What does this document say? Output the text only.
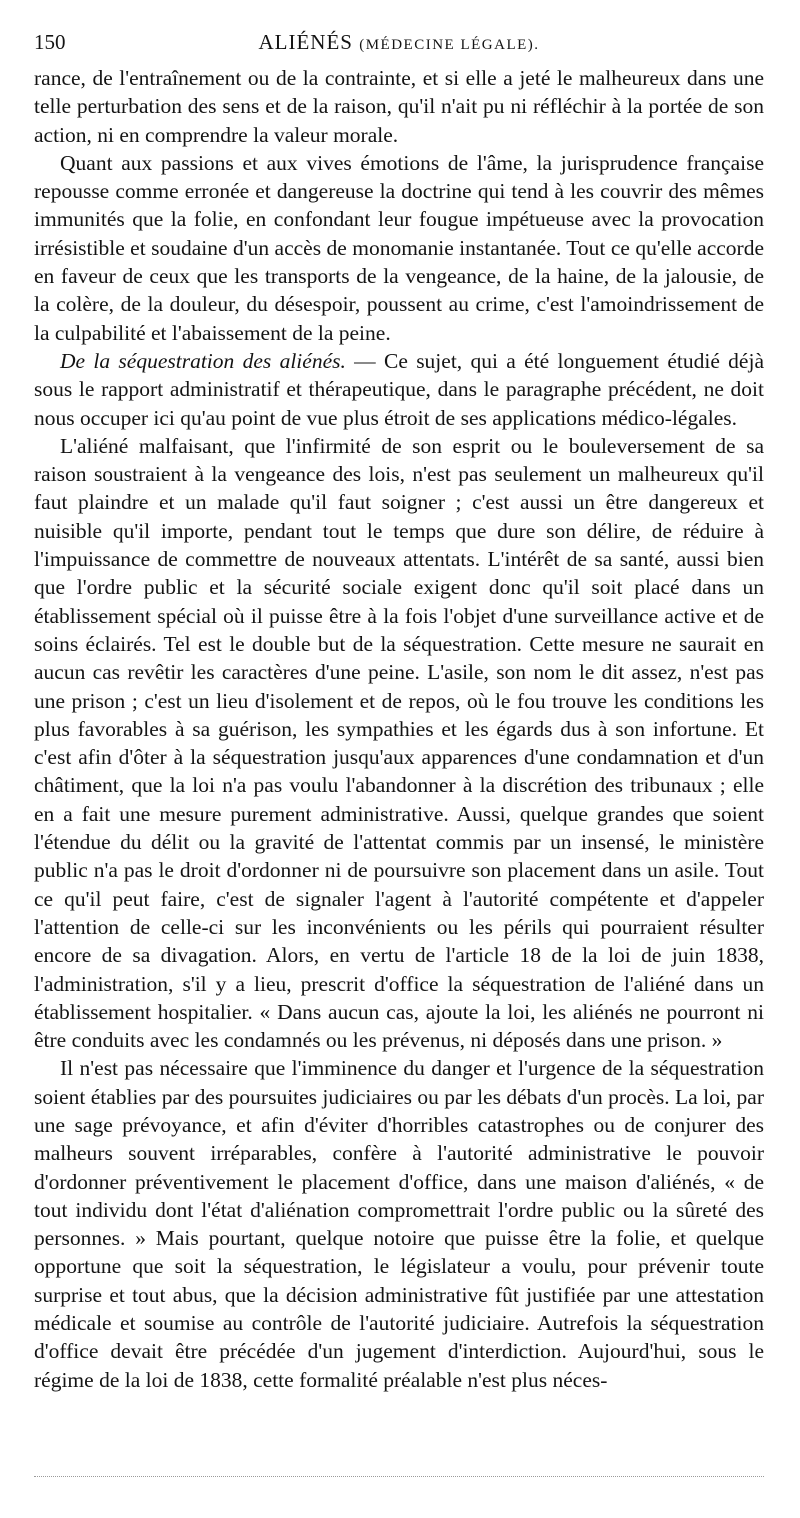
150	ALIÉNÉS (MÉDECINE LÉGALE).

rance, de l'entraînement ou de la contrainte, et si elle a jeté le malheureux dans une telle perturbation des sens et de la raison, qu'il n'ait pu ni réfléchir à la portée de son action, ni en comprendre la valeur morale.

Quant aux passions et aux vives émotions de l'âme, la jurisprudence française repousse comme erronée et dangereuse la doctrine qui tend à les couvrir des mêmes immunités que la folie, en confondant leur fougue impétueuse avec la provocation irrésistible et soudaine d'un accès de monomanie instantanée. Tout ce qu'elle accorde en faveur de ceux que les transports de la vengeance, de la haine, de la jalousie, de la colère, de la douleur, du désespoir, poussent au crime, c'est l'amoindrissement de la culpabilité et l'abaissement de la peine.

De la séquestration des aliénés. — Ce sujet, qui a été longuement étudié déjà sous le rapport administratif et thérapeutique, dans le paragraphe précédent, ne doit nous occuper ici qu'au point de vue plus étroit de ses applications médico-légales.

L'aliéné malfaisant, que l'infirmité de son esprit ou le bouleversement de sa raison soustraient à la vengeance des lois, n'est pas seulement un malheureux qu'il faut plaindre et un malade qu'il faut soigner ; c'est aussi un être dangereux et nuisible qu'il importe, pendant tout le temps que dure son délire, de réduire à l'impuissance de commettre de nouveaux attentats. L'intérêt de sa santé, aussi bien que l'ordre public et la sécurité sociale exigent donc qu'il soit placé dans un établissement spécial où il puisse être à la fois l'objet d'une surveillance active et de soins éclairés. Tel est le double but de la séquestration. Cette mesure ne saurait en aucun cas revêtir les caractères d'une peine. L'asile, son nom le dit assez, n'est pas une prison ; c'est un lieu d'isolement et de repos, où le fou trouve les conditions les plus favorables à sa guérison, les sympathies et les égards dus à son infortune. Et c'est afin d'ôter à la séquestration jusqu'aux apparences d'une condamnation et d'un châtiment, que la loi n'a pas voulu l'abandonner à la discrétion des tribunaux ; elle en a fait une mesure purement administrative. Aussi, quelque grandes que soient l'étendue du délit ou la gravité de l'attentat commis par un insensé, le ministère public n'a pas le droit d'ordonner ni de poursuivre son placement dans un asile. Tout ce qu'il peut faire, c'est de signaler l'agent à l'autorité compétente et d'appeler l'attention de celle-ci sur les inconvénients ou les périls qui pourraient résulter encore de sa divagation. Alors, en vertu de l'article 18 de la loi de juin 1838, l'administration, s'il y a lieu, prescrit d'office la séquestration de l'aliéné dans un établissement hospitalier. « Dans aucun cas, ajoute la loi, les aliénés ne pourront ni être conduits avec les condamnés ou les prévenus, ni déposés dans une prison. »

Il n'est pas nécessaire que l'imminence du danger et l'urgence de la séquestration soient établies par des poursuites judiciaires ou par les débats d'un procès. La loi, par une sage prévoyance, et afin d'éviter d'horribles catastrophes ou de conjurer des malheurs souvent irréparables, confère à l'autorité administrative le pouvoir d'ordonner préventivement le placement d'office, dans une maison d'aliénés, « de tout individu dont l'état d'aliénation compromettrait l'ordre public ou la sûreté des personnes. » Mais pourtant, quelque notoire que puisse être la folie, et quelque opportune que soit la séquestration, le législateur a voulu, pour prévenir toute surprise et tout abus, que la décision administrative fût justifiée par une attestation médicale et soumise au contrôle de l'autorité judiciaire. Autrefois la séquestration d'office devait être précédée d'un jugement d'interdiction. Aujourd'hui, sous le régime de la loi de 1838, cette formalité préalable n'est plus néces-
